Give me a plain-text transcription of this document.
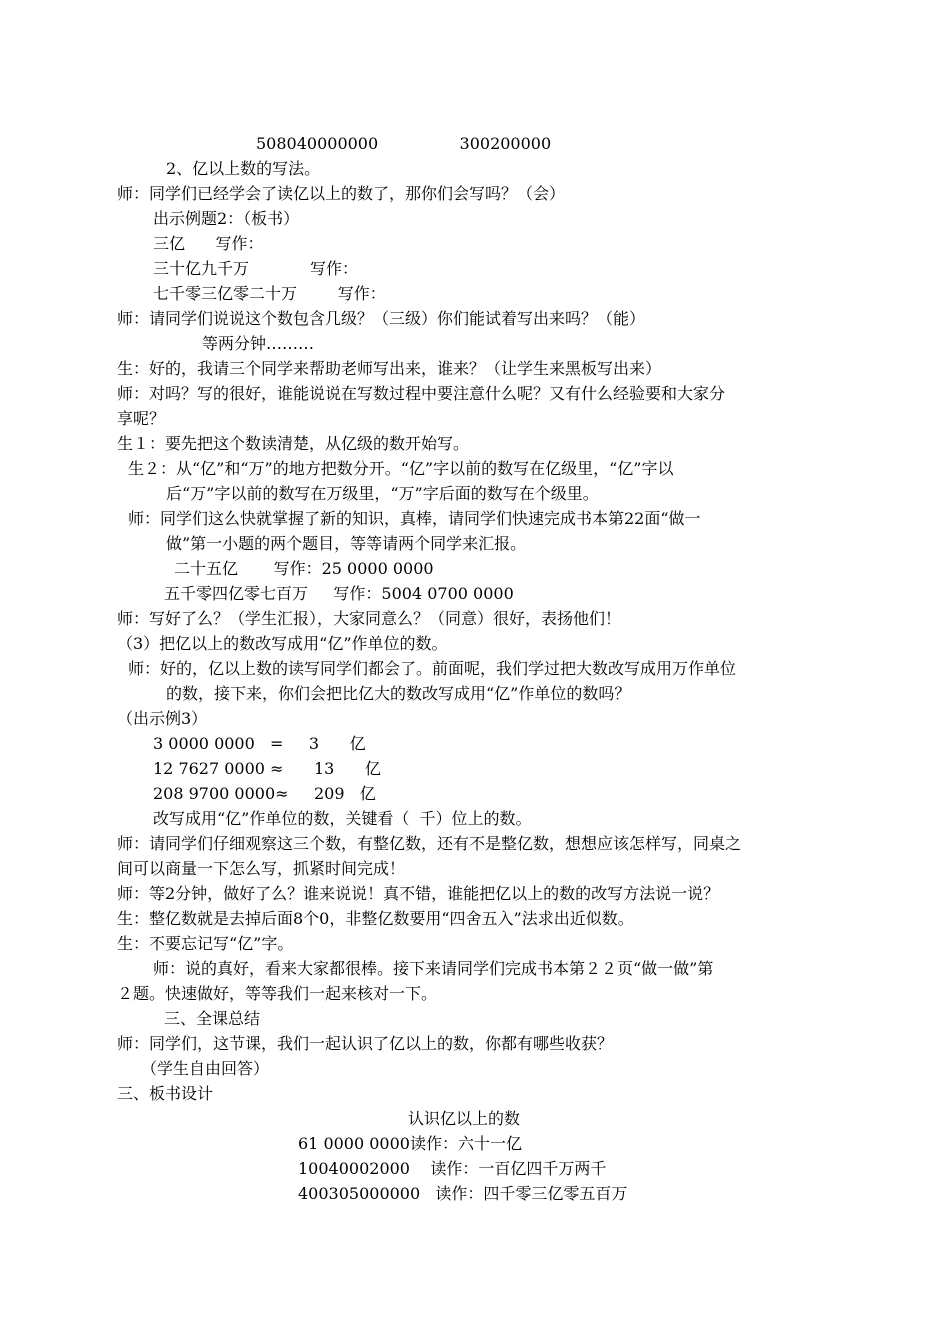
508040000000                300200000
2、亿以上数的写法。
师：同学们已经学会了读亿以上的数了，那你们会写吗？（会）
出示例题2：（板书）
三亿      写作：
三十亿九千万            写作：
七千零三亿零二十万        写作：
师：请同学们说说这个数包含几级？（三级）你们能试着写出来吗？（能）
等两分钟………
生：好的，我请三个同学来帮助老师写出来，谁来？（让学生来黑板写出来）
师：对吗？写的很好，谁能说说在写数过程中要注意什么呢？又有什么经验要和大家分
享呢？
生１：要先把这个数读清楚，从亿级的数开始写。
生２：从“亿”和“万”的地方把数分开。“亿”字以前的数写在亿级里，“亿”字以
后“万”字以前的数写在万级里，“万”字后面的数写在个级里。
师：同学们这么快就掌握了新的知识，真棒，请同学们快速完成书本第22面“做一
做”第一小题的两个题目，等等请两个同学来汇报。
二十五亿       写作：25 0000 0000
五千零四亿零七百万     写作：5004 0700 0000
师：写好了么？（学生汇报），大家同意么？（同意）很好，表扬他们！
（3）把亿以上的数改写成用“亿”作单位的数。
师：好的，亿以上数的读写同学们都会了。前面呢，我们学过把大数改写成用万作单位
的数，接下来，你们会把比亿大的数改写成用“亿”作单位的数吗？
（出示例3）
3 0000 0000   =     3      亿
12 7627 0000 ≈      13      亿
208 9700 0000≈     209   亿
改写成用“亿”作单位的数，关键看（  千）位上的数。
师：请同学们仔细观察这三个数，有整亿数，还有不是整亿数，想想应该怎样写，同桌之
间可以商量一下怎么写，抓紧时间完成！
师：等2分钟，做好了么？谁来说说！真不错，谁能把亿以上的数的改写方法说一说？
生：整亿数就是去掉后面8个0，非整亿数要用“四舍五入”法求出近似数。
生：不要忘记写“亿”字。
师：说的真好，看来大家都很棒。接下来请同学们完成书本第２２页“做一做”第
２题。快速做好，等等我们一起来核对一下。
三、全课总结
师：同学们，这节课，我们一起认识了亿以上的数，你都有哪些收获？
（学生自由回答）
三、板书设计
认识亿以上的数
61 0000 0000读作：六十一亿
10040002000    读作：一百亿四千万两千
400305000000   读作：四千零三亿零五百万
